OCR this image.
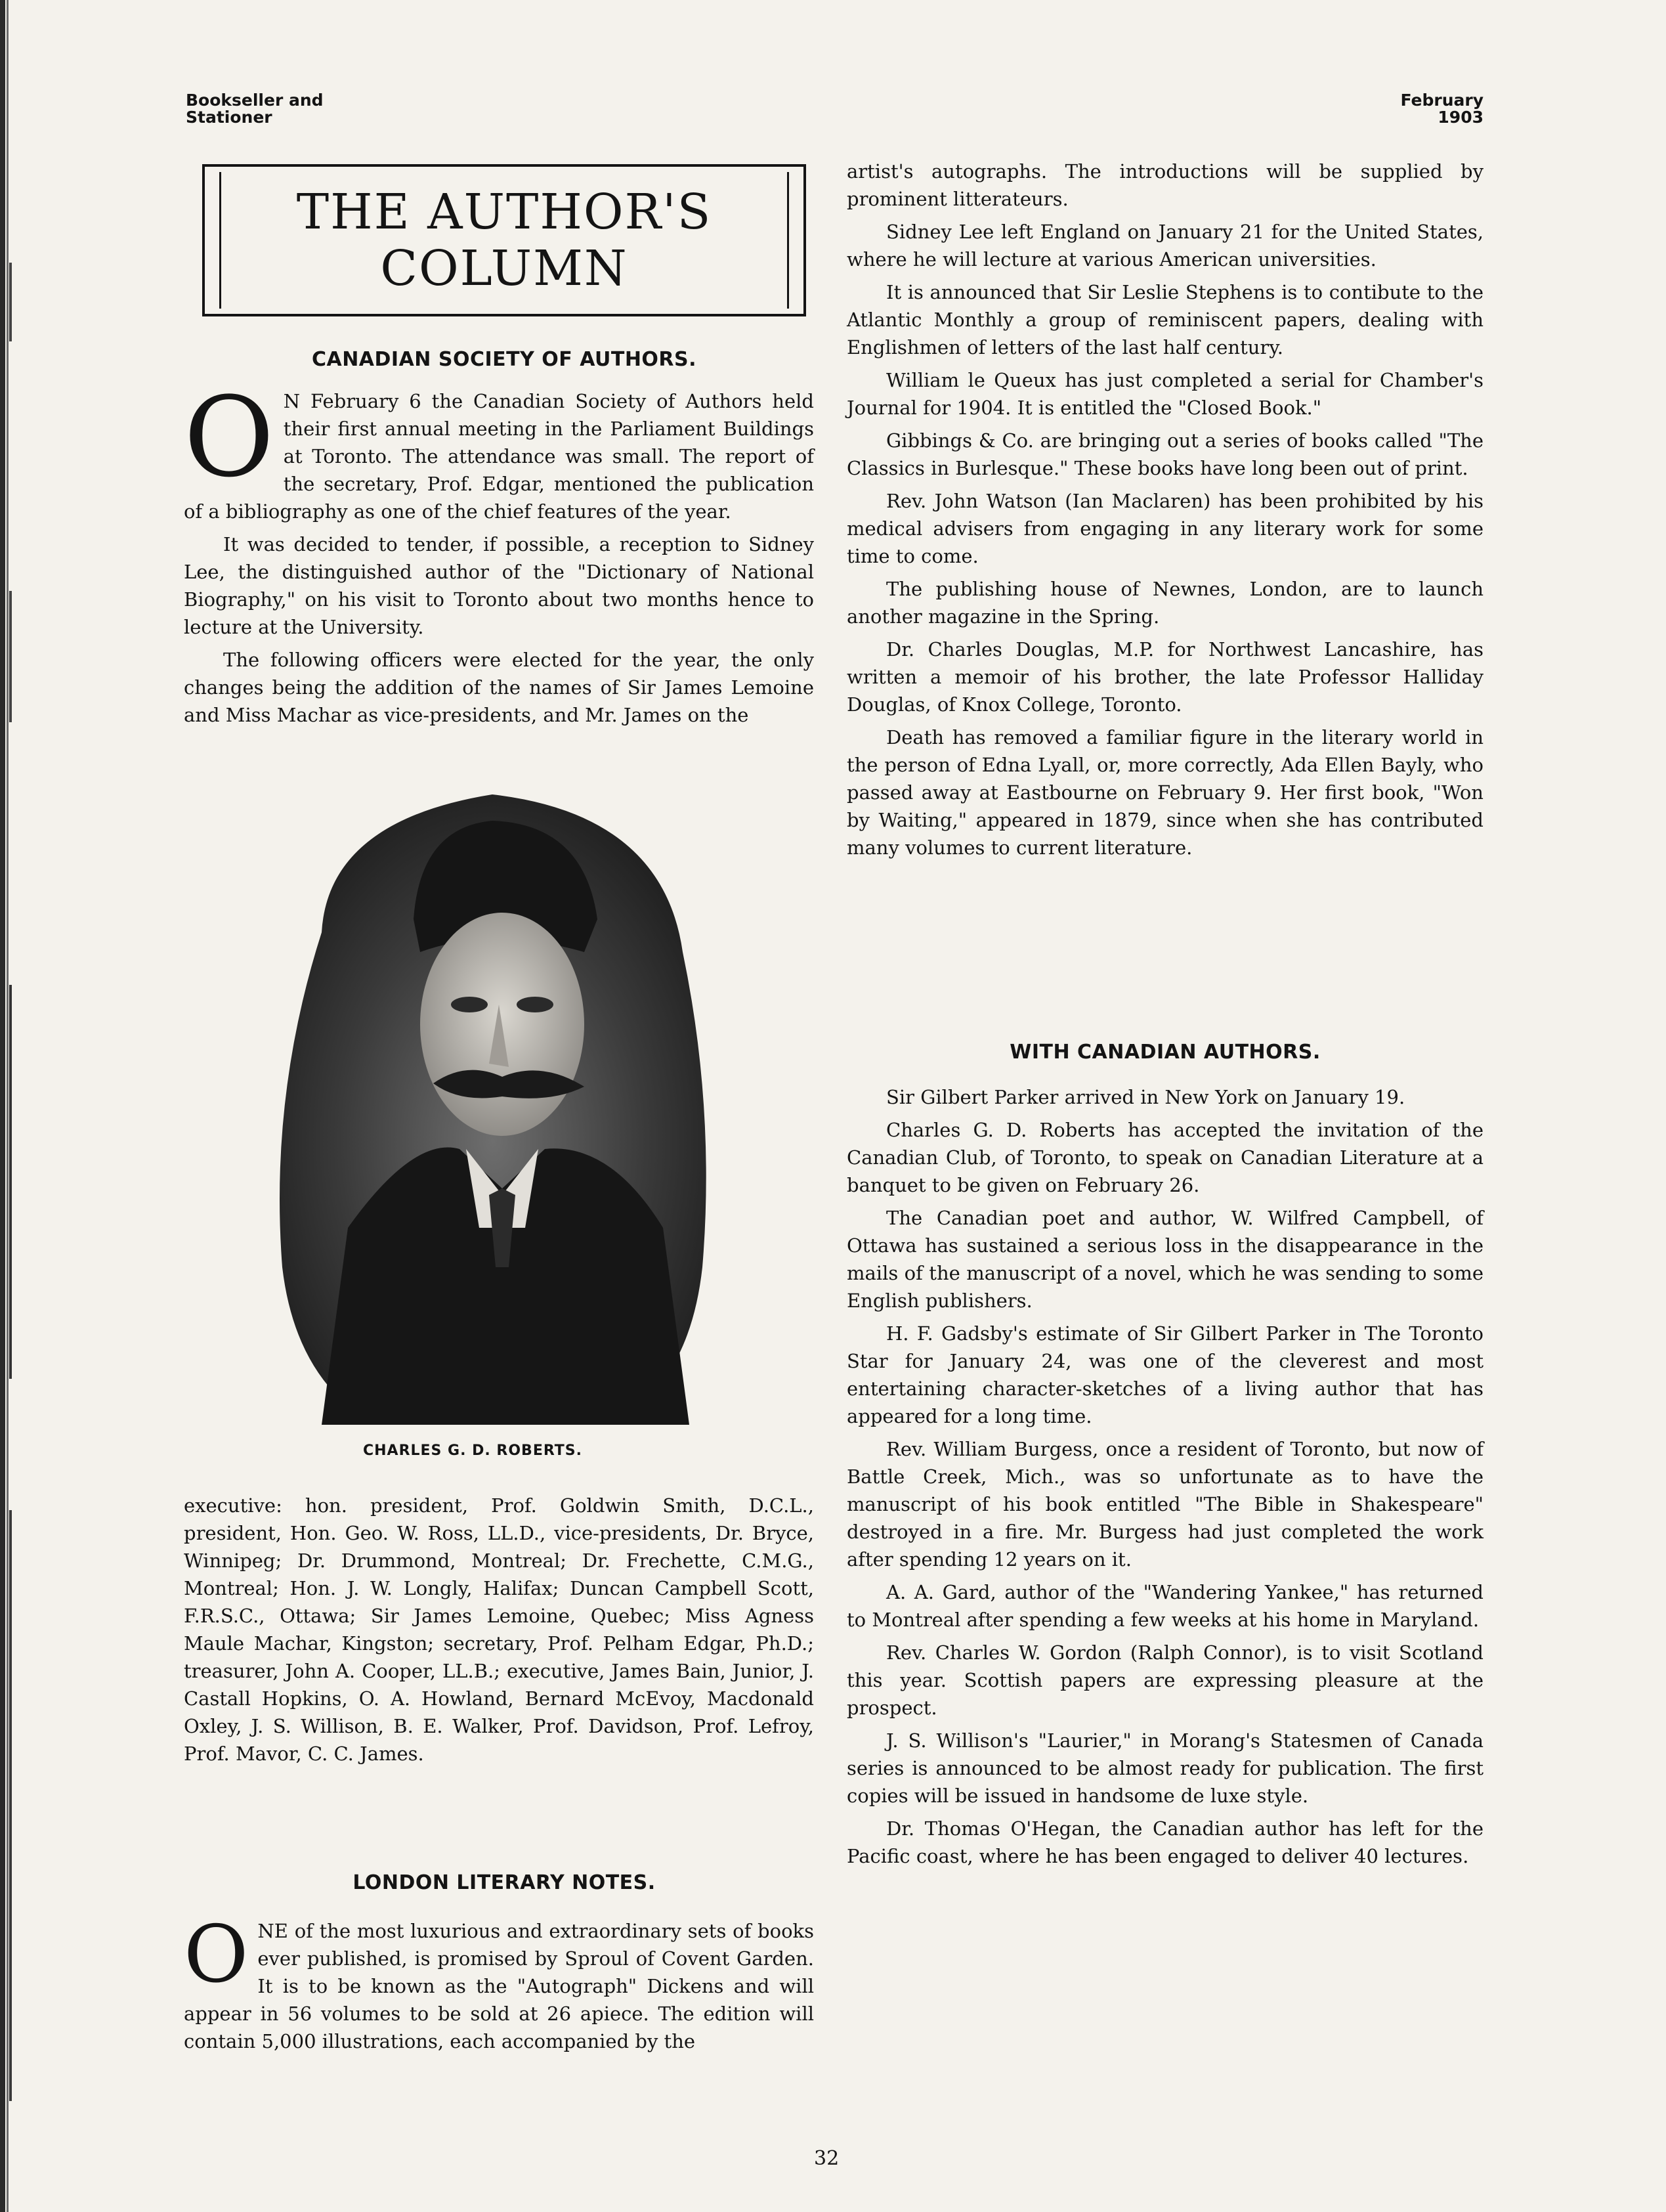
Bookseller and
Stationer
February
1903
THE AUTHOR'S
COLUMN
CANADIAN SOCIETY OF AUTHORS.

O N February 6 the Canadian Society of Authors held their first annual meeting in the Parliament Buildings at Toronto. The attendance was small. The report of the secretary, Prof. Edgar, mentioned the publication of a bibliography as one of the chief features of the year.

It was decided to tender, if possible, a reception to Sidney Lee, the distinguished author of the "Dictionary of National Biography," on his visit to Toronto about two months hence to lecture at the University.

The following officers were elected for the year, the only changes being the addition of the names of Sir James Lemoine and Miss Machar as vice-presidents, and Mr. James on the

CHARLES G. D. ROBERTS.

executive: hon. president, Prof. Goldwin Smith, D.C.L., president, Hon. Geo. W. Ross, LL.D., vice-presidents, Dr. Bryce, Winnipeg; Dr. Drummond, Montreal; Dr. Frechette, C.M.G., Montreal; Hon. J. W. Longly, Halifax; Duncan Campbell Scott, F.R.S.C., Ottawa; Sir James Lemoine, Quebec; Miss Agness Maule Machar, Kingston; secretary, Prof. Pelham Edgar, Ph.D.; treasurer, John A. Cooper, LL.B.; executive, James Bain, Junior, J. Castall Hopkins, O. A. Howland, Bernard McEvoy, Macdonald Oxley, J. S. Willison, B. E. Walker, Prof. Davidson, Prof. Lefroy, Prof. Mavor, C. C. James.

LONDON LITERARY NOTES.

ONE of the most luxurious and extraordinary sets of books ever published, is promised by Sproul of Covent Garden. It is to be known as the "Autograph" Dickens and will appear in 56 volumes to be sold at 26 apiece. The edition will contain 5,000 illustrations, each accompanied by the

artist's autographs. The introductions will be supplied by prominent litterateurs.

Sidney Lee left England on January 21 for the United States, where he will lecture at various American universities.

It is announced that Sir Leslie Stephens is to contibute to the Atlantic Monthly a group of reminiscent papers, dealing with Englishmen of letters of the last half century.

William le Queux has just completed a serial for Chamber's Journal for 1904. It is entitled the "Closed Book."

Gibbings & Co. are bringing out a series of books called "The Classics in Burlesque." These books have long been out of print.

Rev. John Watson (Ian Maclaren) has been prohibited by his medical advisers from engaging in any literary work for some time to come.

The publishing house of Newnes, London, are to launch another magazine in the Spring.

Dr. Charles Douglas, M.P. for Northwest Lancashire, has written a memoir of his brother, the late Professor Halliday Douglas, of Knox College, Toronto.

Death has removed a familiar figure in the literary world in the person of Edna Lyall, or, more correctly, Ada Ellen Bayly, who passed away at Eastbourne on February 9. Her first book, "Won by Waiting," appeared in 1879, since when she has contributed many volumes to current literature.

WITH CANADIAN AUTHORS.

Sir Gilbert Parker arrived in New York on January 19.

Charles G. D. Roberts has accepted the invitation of the Canadian Club, of Toronto, to speak on Canadian Literature at a banquet to be given on February 26.

The Canadian poet and author, W. Wilfred Campbell, of Ottawa has sustained a serious loss in the disappearance in the mails of the manuscript of a novel, which he was sending to some English publishers.

H. F. Gadsby's estimate of Sir Gilbert Parker in The Toronto Star for January 24, was one of the cleverest and most entertaining character-sketches of a living author that has appeared for a long time.

Rev. William Burgess, once a resident of Toronto, but now of Battle Creek, Mich., was so unfortunate as to have the manuscript of his book entitled "The Bible in Shakespeare" destroyed in a fire. Mr. Burgess had just completed the work after spending 12 years on it.

A. A. Gard, author of the "Wandering Yankee," has returned to Montreal after spending a few weeks at his home in Maryland.

Rev. Charles W. Gordon (Ralph Connor), is to visit Scotland this year. Scottish papers are expressing pleasure at the prospect.

J. S. Willison's "Laurier," in Morang's Statesmen of Canada series is announced to be almost ready for publication. The first copies will be issued in handsome de luxe style.

Dr. Thomas O'Hegan, the Canadian author has left for the Pacific coast, where he has been engaged to deliver 40 lectures.

32
